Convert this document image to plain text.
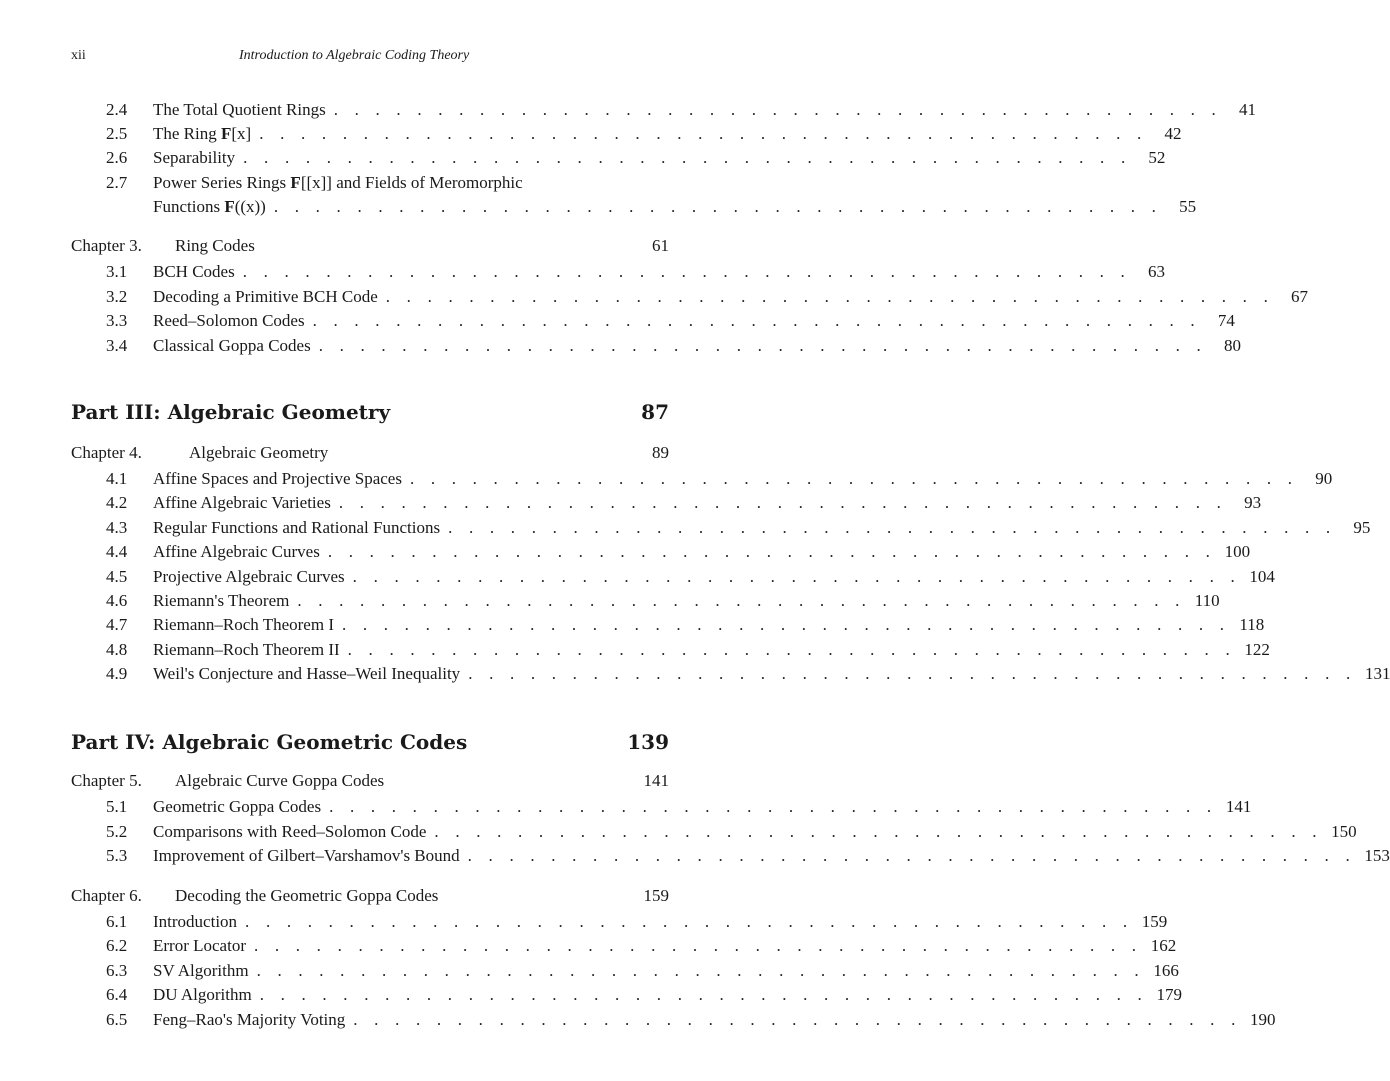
xii	Introduction to Algebraic Coding Theory
2.4 The Total Quotient Rings . . . . . . . . . . . . . . . . . . . . . . . . . . . . . . . . . . . . . . . . . . .	41
2.5 The Ring F[x] . . . . . . . . . . . . . . . . . . . . . . . . . . . . . . . . . . . . . . . . . . .	42
2.6 Separability . . . . . . . . . . . . . . . . . . . . . . . . . . . . . . . . . . . . . . . . . . .	52
2.7 Power Series Rings F[[x]] and Fields of Meromorphic
Functions F((x)) . . . . . . . . . . . . . . . . . . . . . . . . . . . . . . . . . . . . . . . . . . .	55
Chapter 3. Ring Codes	61
3.1 BCH Codes . . . . . . . . . . . . . . . . . . . . . . . . . . . . . . . . . . . . . . . . . . .	63
3.2 Decoding a Primitive BCH Code . . . . . . . . . . . . . . . . . . . . . . . . . . . . . . . . . . . . . . . . . . .	67
3.3 Reed–Solomon Codes . . . . . . . . . . . . . . . . . . . . . . . . . . . . . . . . . . . . . . . . . . .	74
3.4 Classical Goppa Codes . . . . . . . . . . . . . . . . . . . . . . . . . . . . . . . . . . . . . . . . . . .	80
Part III: Algebraic Geometry	87
Chapter 4.	Algebraic Geometry	89
4.1 Affine Spaces and Projective Spaces . . . . . . . . . . . . . . . . . . . . . . . . . . . . . . . . . . . . . . . . . . .	90
4.2 Affine Algebraic Varieties . . . . . . . . . . . . . . . . . . . . . . . . . . . . . . . . . . . . . . . . . . .	93
4.3 Regular Functions and Rational Functions . . . . . . . . . . . . . . . . . . . . . . . . . . . . . . . . . . . . . . . . . . .	95
4.4 Affine Algebraic Curves . . . . . . . . . . . . . . . . . . . . . . . . . . . . . . . . . . . . . . . . . . . 100
4.5 Projective Algebraic Curves . . . . . . . . . . . . . . . . . . . . . . . . . . . . . . . . . . . . . . . . . . . 104
4.6 Riemann's Theorem . . . . . . . . . . . . . . . . . . . . . . . . . . . . . . . . . . . . . . . . . . . 110
4.7 Riemann–Roch Theorem I . . . . . . . . . . . . . . . . . . . . . . . . . . . . . . . . . . . . . . . . . . . 118
4.8 Riemann–Roch Theorem II . . . . . . . . . . . . . . . . . . . . . . . . . . . . . . . . . . . . . . . . . . . 122
4.9 Weil's Conjecture and Hasse–Weil Inequality . . . . . . . . . . . . . . . . . . . . . . . . . . . . . . . . . . . . . . . . . . . 131
Part IV: Algebraic Geometric Codes	139
Chapter 5. Algebraic Curve Goppa Codes	141
5.1 Geometric Goppa Codes . . . . . . . . . . . . . . . . . . . . . . . . . . . . . . . . . . . . . . . . . . . 141
5.2 Comparisons with Reed–Solomon Code . . . . . . . . . . . . . . . . . . . . . . . . . . . . . . . . . . . . . . . . . . . 150
5.3 Improvement of Gilbert–Varshamov's Bound . . . . . . . . . . . . . . . . . . . . . . . . . . . . . . . . . . . . . . . . . . . 153
Chapter 6. Decoding the Geometric Goppa Codes	159
6.1 Introduction . . . . . . . . . . . . . . . . . . . . . . . . . . . . . . . . . . . . . . . . . . . 159
6.2 Error Locator . . . . . . . . . . . . . . . . . . . . . . . . . . . . . . . . . . . . . . . . . . . 162
6.3 SV Algorithm . . . . . . . . . . . . . . . . . . . . . . . . . . . . . . . . . . . . . . . . . . . 166
6.4 DU Algorithm . . . . . . . . . . . . . . . . . . . . . . . . . . . . . . . . . . . . . . . . . . . 179
6.5 Feng–Rao's Majority Voting . . . . . . . . . . . . . . . . . . . . . . . . . . . . . . . . . . . . . . . . . . . 190
